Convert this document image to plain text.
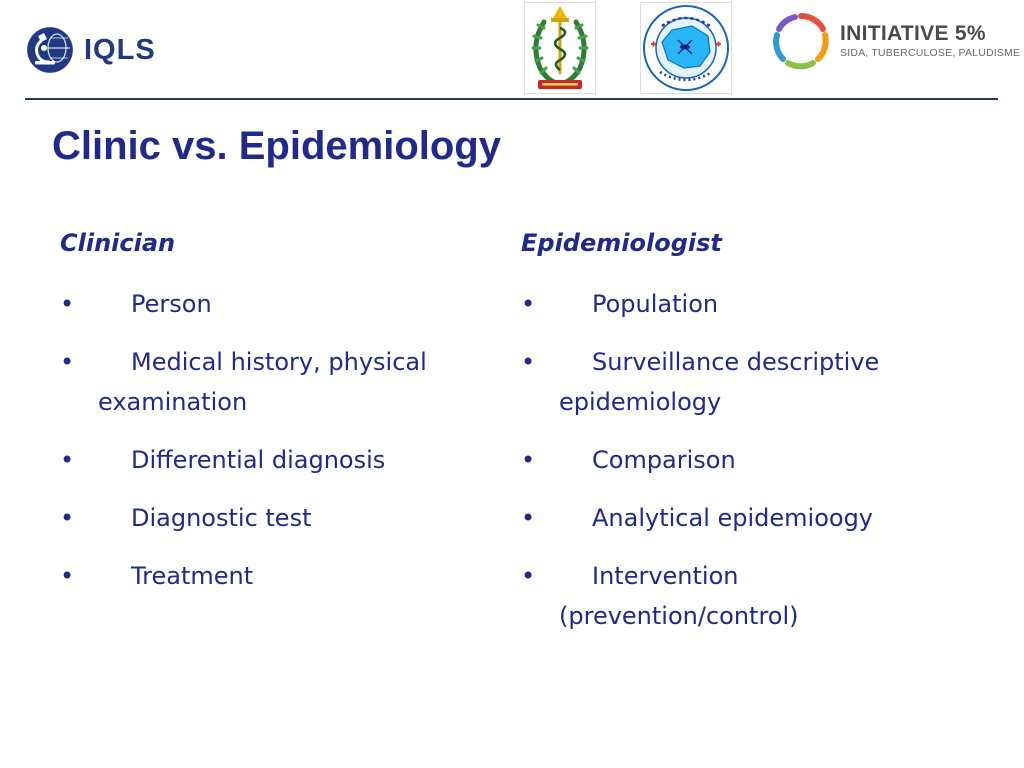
IQLS	INITIATIVE 5%
SIDA, TUBERCULOSE, PALUDISME
Clinic vs. Epidemiology
Clinician
• Person
• Medical history, physical examination
• Differential diagnosis
• Diagnostic test
• Treatment
Epidemiologist
• Population
• Surveillance descriptive epidemiology
• Comparison
• Analytical epidemioogy
• Intervention (prevention/control)
